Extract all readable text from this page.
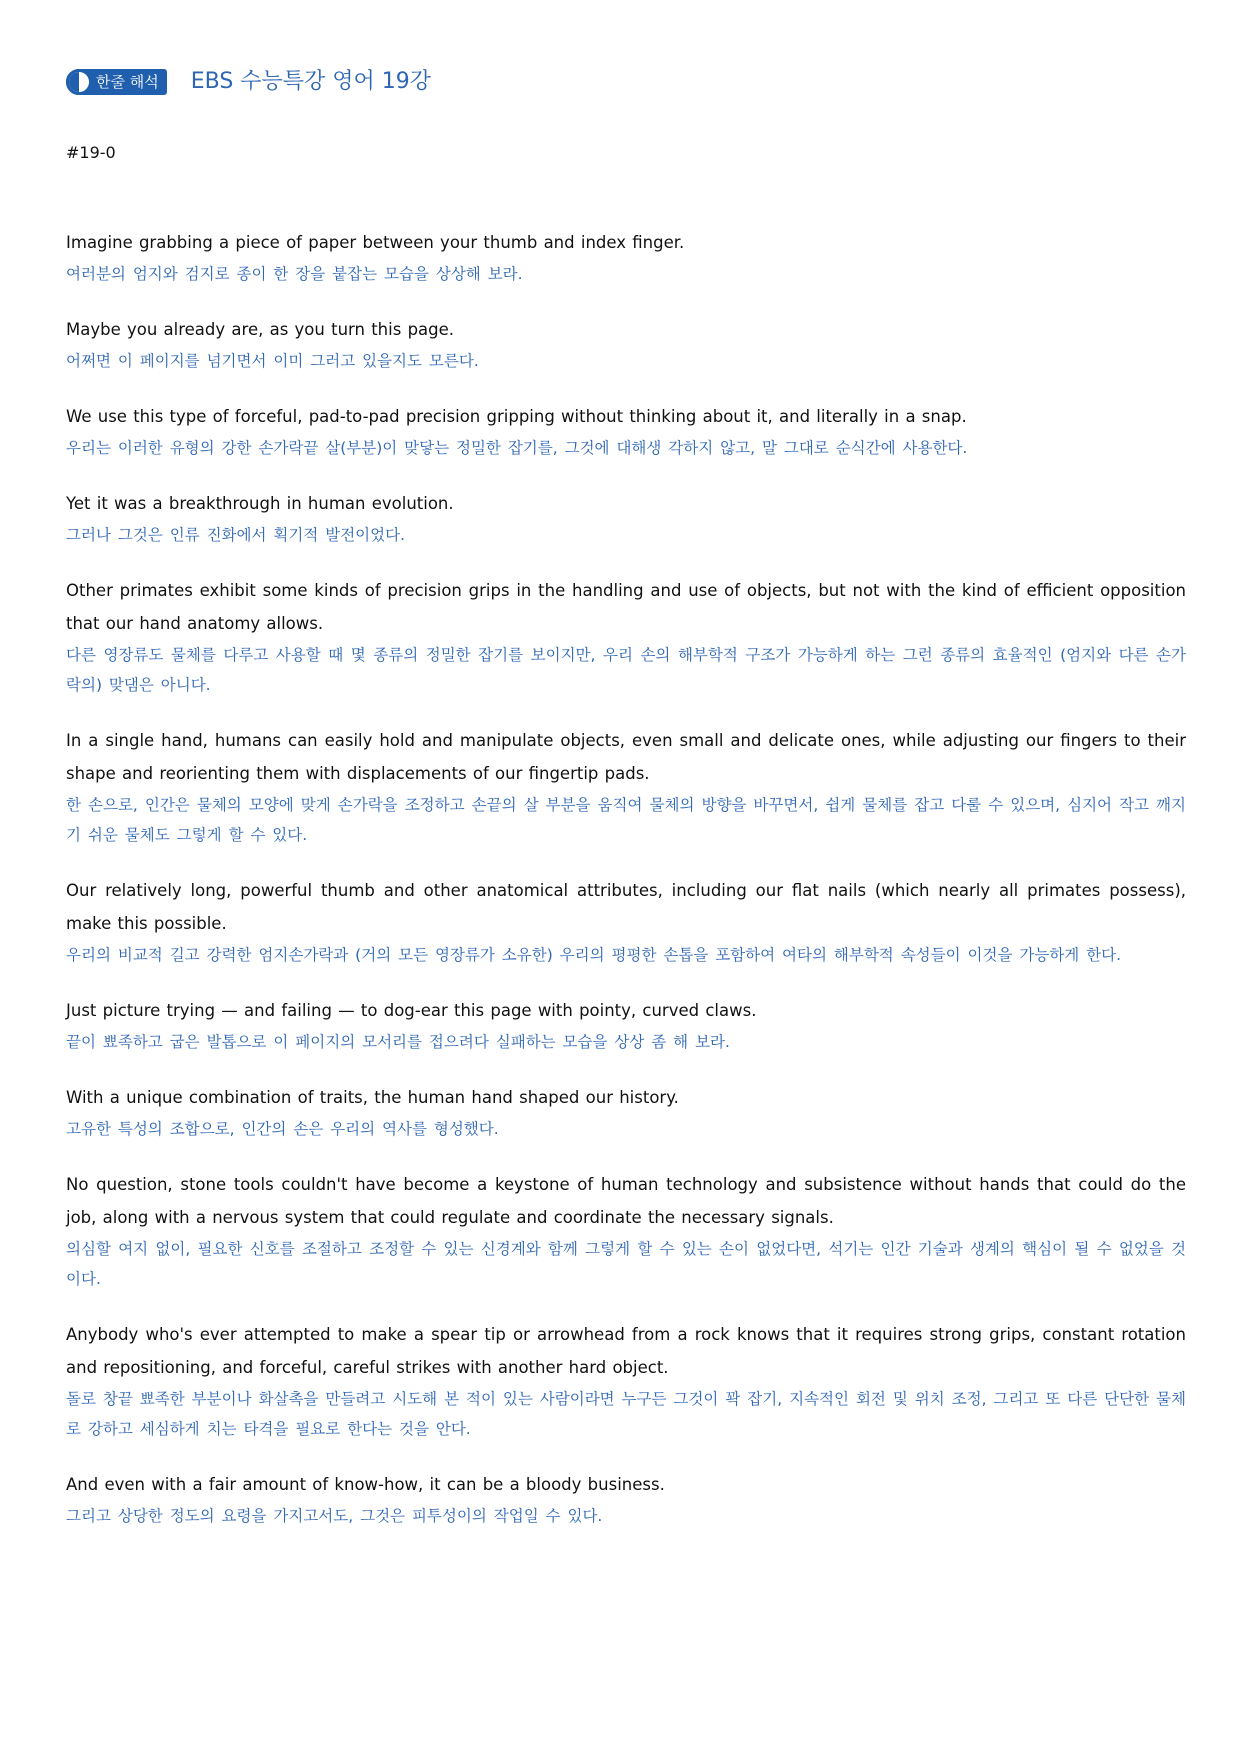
한줄 해석 EBS 수능특강 영어 19강
#19-0

Imagine grabbing a piece of paper between your thumb and index finger.

여러분의 엄지와 검지로 종이 한 장을 붙잡는 모습을 상상해 보라.

Maybe you already are, as you turn this page.

어쩌면 이 페이지를 넘기면서 이미 그러고 있을지도 모른다.

We use this type of forceful, pad-to-pad precision gripping without thinking about it, and literally in a snap.

우리는 이러한 유형의 강한 손가락끝 살(부분)이 맞닿는 정밀한 잡기를, 그것에 대해생 각하지 않고, 말 그대로 순식간에 사용한다.

Yet it was a breakthrough in human evolution.

그러나 그것은 인류 진화에서 획기적 발전이었다.

Other primates exhibit some kinds of precision grips in the handling and use of objects, but not with the kind of efficient opposition that our hand anatomy allows.

다른 영장류도 물체를 다루고 사용할 때 몇 종류의 정밀한 잡기를 보이지만, 우리 손의 해부학적 구조가 가능하게 하는 그런 종류의 효율적인 (엄지와 다른 손가락의) 맞댐은 아니다.

In a single hand, humans can easily hold and manipulate objects, even small and delicate ones, while adjusting our fingers to their shape and reorienting them with displacements of our fingertip pads.

한 손으로, 인간은 물체의 모양에 맞게 손가락을 조정하고 손끝의 살 부분을 움직여 물체의 방향을 바꾸면서, 쉽게 물체를 잡고 다룰 수 있으며, 심지어 작고 깨지기 쉬운 물체도 그렇게 할 수 있다.

Our relatively long, powerful thumb and other anatomical attributes, including our flat nails (which nearly all primates possess), make this possible.

우리의 비교적 길고 강력한 엄지손가락과 (거의 모든 영장류가 소유한) 우리의 평평한 손톱을 포함하여 여타의 해부학적 속성들이 이것을 가능하게 한다.

Just picture trying — and failing — to dog-ear this page with pointy, curved claws.

끝이 뾰족하고 굽은 발톱으로 이 페이지의 모서리를 접으려다 실패하는 모습을 상상 좀 해 보라.

With a unique combination of traits, the human hand shaped our history.

고유한 특성의 조합으로, 인간의 손은 우리의 역사를 형성했다.

No question, stone tools couldn't have become a keystone of human technology and subsistence without hands that could do the job, along with a nervous system that could regulate and coordinate the necessary signals.

의심할 여지 없이, 필요한 신호를 조절하고 조정할 수 있는 신경계와 함께 그렇게 할 수 있는 손이 없었다면, 석기는 인간 기술과 생계의 핵심이 될 수 없었을 것이다.

Anybody who's ever attempted to make a spear tip or arrowhead from a rock knows that it requires strong grips, constant rotation and repositioning, and forceful, careful strikes with another hard object.

돌로 창끝 뾰족한 부분이나 화살촉을 만들려고 시도해 본 적이 있는 사람이라면 누구든 그것이 꽉 잡기, 지속적인 회전 및 위치 조정, 그리고 또 다른 단단한 물체로 강하고 세심하게 치는 타격을 필요로 한다는 것을 안다.

And even with a fair amount of know-how, it can be a bloody business.

그리고 상당한 정도의 요령을 가지고서도, 그것은 피투성이의 작업일 수 있다.
